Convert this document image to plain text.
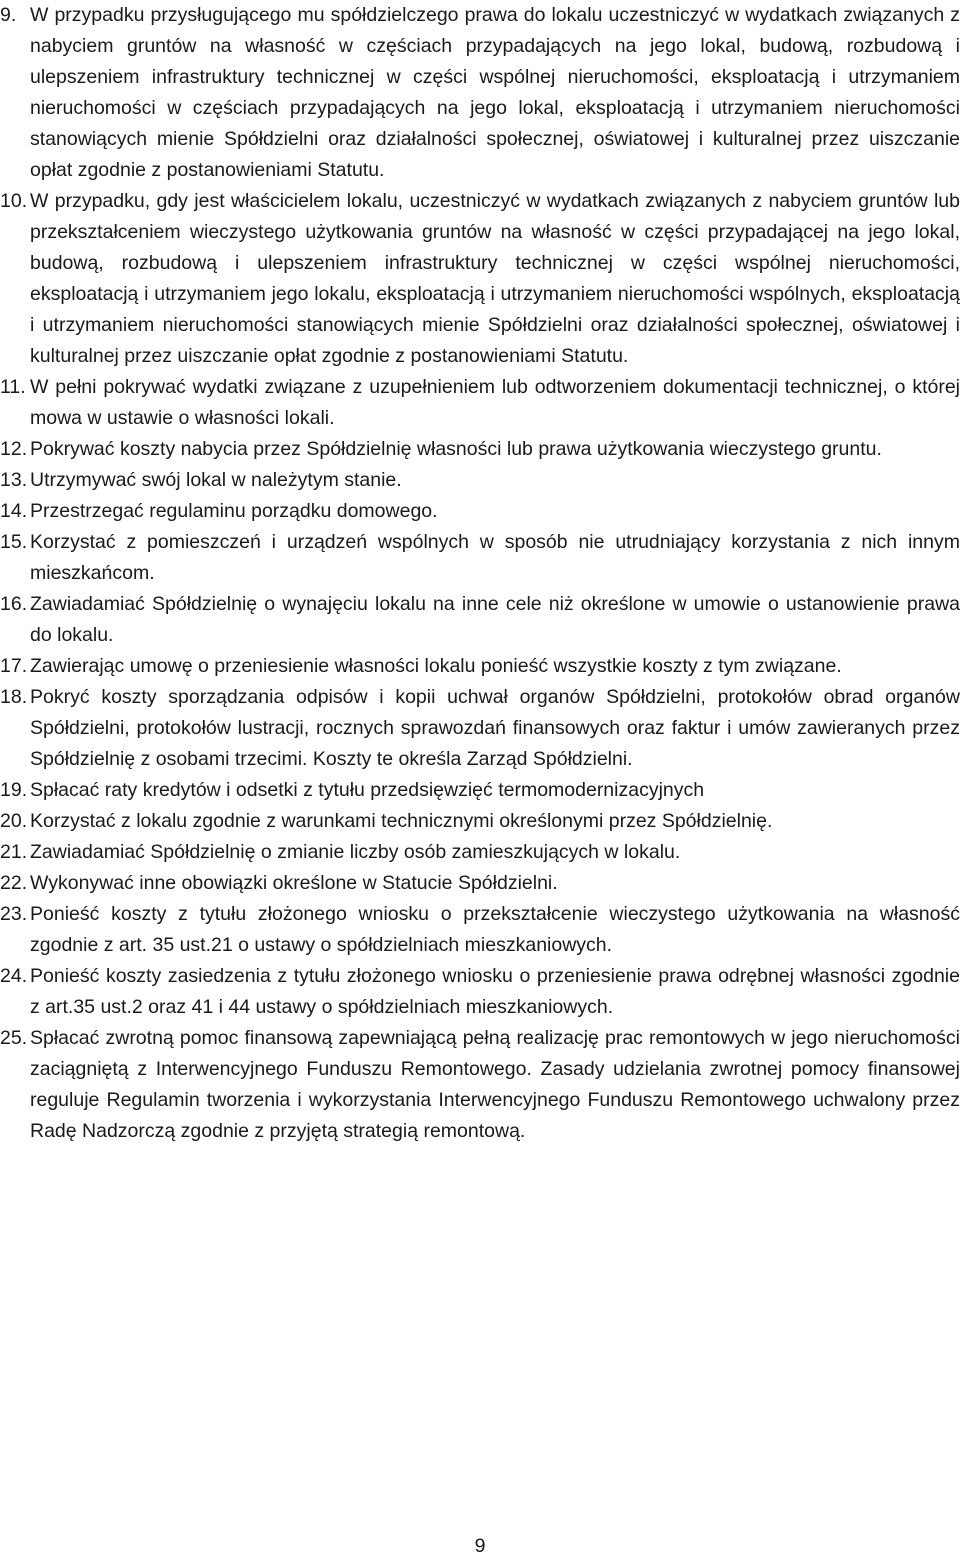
9. W przypadku przysługującego mu spółdzielczego prawa do lokalu uczestniczyć w wydatkach związanych z nabyciem gruntów na własność w częściach przypadających na jego lokal, budową, rozbudową i ulepszeniem infrastruktury technicznej w części wspólnej nieruchomości, eksploatacją i utrzymaniem nieruchomości w częściach przypadających na jego lokal, eksploatacją i utrzymaniem nieruchomości stanowiących mienie Spółdzielni oraz działalności społecznej, oświatowej i kulturalnej przez uiszczanie opłat zgodnie z postanowieniami Statutu.
10. W przypadku, gdy jest właścicielem lokalu, uczestniczyć w wydatkach związanych z nabyciem gruntów lub przekształceniem wieczystego użytkowania gruntów na własność w części przypadającej na jego lokal, budową, rozbudową i ulepszeniem infrastruktury technicznej w części wspólnej nieruchomości, eksploatacją i utrzymaniem jego lokalu, eksploatacją i utrzymaniem nieruchomości wspólnych, eksploatacją i utrzymaniem nieruchomości stanowiących mienie Spółdzielni oraz działalności społecznej, oświatowej i kulturalnej przez uiszczanie opłat zgodnie z postanowieniami Statutu.
11. W pełni pokrywać wydatki związane z uzupełnieniem lub odtworzeniem dokumentacji technicznej, o której mowa w ustawie o własności lokali.
12. Pokrywać koszty nabycia przez Spółdzielnię własności lub prawa użytkowania wieczystego gruntu.
13. Utrzymywać swój lokal w należytym stanie.
14. Przestrzegać regulaminu porządku domowego.
15. Korzystać z pomieszczeń i urządzeń wspólnych w sposób nie utrudniający korzystania z nich innym mieszkańcom.
16. Zawiadamiać Spółdzielnię o wynajęciu lokalu na inne cele niż określone w umowie o ustanowienie prawa do lokalu.
17. Zawierając umowę o przeniesienie własności lokalu ponieść wszystkie koszty z tym związane.
18. Pokryć koszty sporządzania odpisów i kopii uchwał organów Spółdzielni, protokołów obrad organów Spółdzielni, protokołów lustracji, rocznych sprawozdań finansowych oraz faktur i umów zawieranych przez Spółdzielnię z osobami trzecimi. Koszty te określa Zarząd Spółdzielni.
19. Spłacać raty kredytów i odsetki z tytułu przedsięwzięć termomodernizacyjnych
20. Korzystać z lokalu zgodnie z warunkami technicznymi określonymi przez Spółdzielnię.
21. Zawiadamiać Spółdzielnię o zmianie liczby osób zamieszkujących w lokalu.
22. Wykonywać inne obowiązki określone w Statucie Spółdzielni.
23. Ponieść koszty z tytułu złożonego wniosku o przekształcenie wieczystego użytkowania na własność zgodnie z art. 35 ust.21 o ustawy o spółdzielniach mieszkaniowych.
24. Ponieść koszty zasiedzenia z tytułu złożonego wniosku o przeniesienie prawa odrębnej własności zgodnie z art.35 ust.2 oraz 41 i 44 ustawy o spółdzielniach mieszkaniowych.
25. Spłacać zwrotną pomoc finansową zapewniającą pełną realizację prac remontowych w jego nieruchomości zaciągniętą z Interwencyjnego Funduszu Remontowego. Zasady udzielania zwrotnej pomocy finansowej reguluje Regulamin tworzenia i wykorzystania Interwencyjnego Funduszu Remontowego uchwalony przez Radę Nadzorczą zgodnie z przyjętą strategią remontową.
9
